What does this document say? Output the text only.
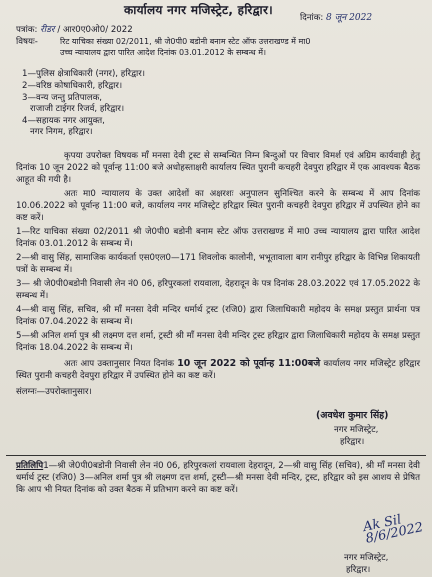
कार्यालय नगर मजिस्ट्रेट, हरिद्वार।
दिनांक: 8 जून 2022
पत्रांक: रीडर / आर0ए0ओ0/ 2022
विषयः-	रिट याचिका संख्या 02/2011, श्री जे0पी0 बडोनी बनाम स्टेट ऑफ उत्तराखण्ड में मा0
उच्च न्यायालय द्वारा पारित आदेश दिनांक 03.01.2012 के सम्बन्ध में।
1—पुलिस क्षेत्राधिकारी (नगर), हरिद्वार।
2—वरिष्ठ कोषाधिकारी, हरिद्वार।
3—वन्य जन्तु प्रतिपालक,
राजाजी टाईगर रिजर्व, हरिद्वार।
4—सहायक नगर आयुक्त,
नगर निगम, हरिद्वार।
कृपया उपरोक्त विषयक माँ मनसा देवी ट्रस्ट से सम्बन्धित निम्न बिन्दुओं पर विचार विमर्श एवं अग्रिम कार्यवाही हेतु दिनांक 10 जून 2022 को पूर्वान्ह 11:00 बजे अधोहस्ताक्षरी कार्यालय स्थित पुरानी कचहरी देवपुरा हरिद्वार में एक आवश्यक बैठक आहूत की गयी है।
अतः मा0 न्यायालय के उक्त आदेशों का अक्षरशः अनुपालन सुनिश्चित करने के सम्बन्ध में आप दिनांक 10.06.2022 को पूर्वान्ह 11:00 बजे, कार्यालय नगर मजिस्ट्रेट हरिद्वार स्थित पुरानी कचहरी देवपुरा हरिद्वार में उपस्थित होने का कष्ट करें।
1—रिट याचिका संख्या 02/2011 श्री जे0पी0 बडोनी बनाम स्टेट ऑफ उत्तराखण्ड में मा0 उच्च न्यायालय द्वारा पारित आदेश दिनांक 03.01.2012 के सम्बन्ध में।
2—श्री वासु सिंह, सामाजिक कार्यकर्ता एस0एल0—171 शिवलोक कालोनी, भभूतावाला बाग रानीपुर हरिद्वार के विभिन्न शिकायती पत्रों के सम्बन्ध में।
3— श्री जे0पी0बडोनी निवासी लेन नं0 06, हरिपुरकलां रायवाला, देहरादून के पत्र दिनांक 28.03.2022 एवं 17.05.2022 के सम्बन्ध में।
4—श्री वासु सिंह, सचिव, श्री माँ मनसा देवी मन्दिर धर्मार्थ ट्रस्ट (रजि0) द्वारा जिलाधिकारी महोदय के समक्ष प्रस्तुत प्रार्थना पत्र दिनांक 07.04.2022 के सम्बन्ध में।
5—श्री अनिल शर्मा पुत्र श्री लक्ष्मण दत्त शर्मा, ट्रस्टी श्री माँ मनसा देवी मन्दिर ट्रस्ट हरिद्वार द्वारा जिलाधिकारी महोदय के समक्ष प्रस्तुत दिनांक 18.04.2022 के सम्बन्ध में।
अतः आप उक्तानुसार नियत दिनांक 10 जून 2022 को पूर्वान्ह 11:00बजे कार्यालय नगर मजिस्ट्रेट हरिद्वार स्थित पुरानी कचहरी देवपुरा हरिद्वार में उपस्थित होने का कष्ट करें।
संलग्नः—उपरोक्तानुसार।
(अवधेश कुमार सिंह)
नगर मजिस्ट्रेट,
हरिद्वार।
प्रतिलिपि1—श्री जे0पी0बडोनी निवासी लेन नं0 06, हरिपुरकलां रायवाला देहरादून, 2—श्री वासु सिंह (सचिव), श्री माँ मनसा देवी धर्मार्थ ट्रस्ट (रजि0) 3—अनिल शर्मा पुत्र श्री लक्ष्मण दत्त शर्मा, ट्रस्टी—श्री मनसा देवी मन्दिर, ट्रस्ट, हरिद्वार को इस आशय से प्रेषित कि आप भी नियत दिनांक को उक्त बैठक में प्रतिभाग करने का कष्ट करें।
Ak Sil 8/6/2022
नगर मजिस्ट्रेट,
हरिद्वार।
